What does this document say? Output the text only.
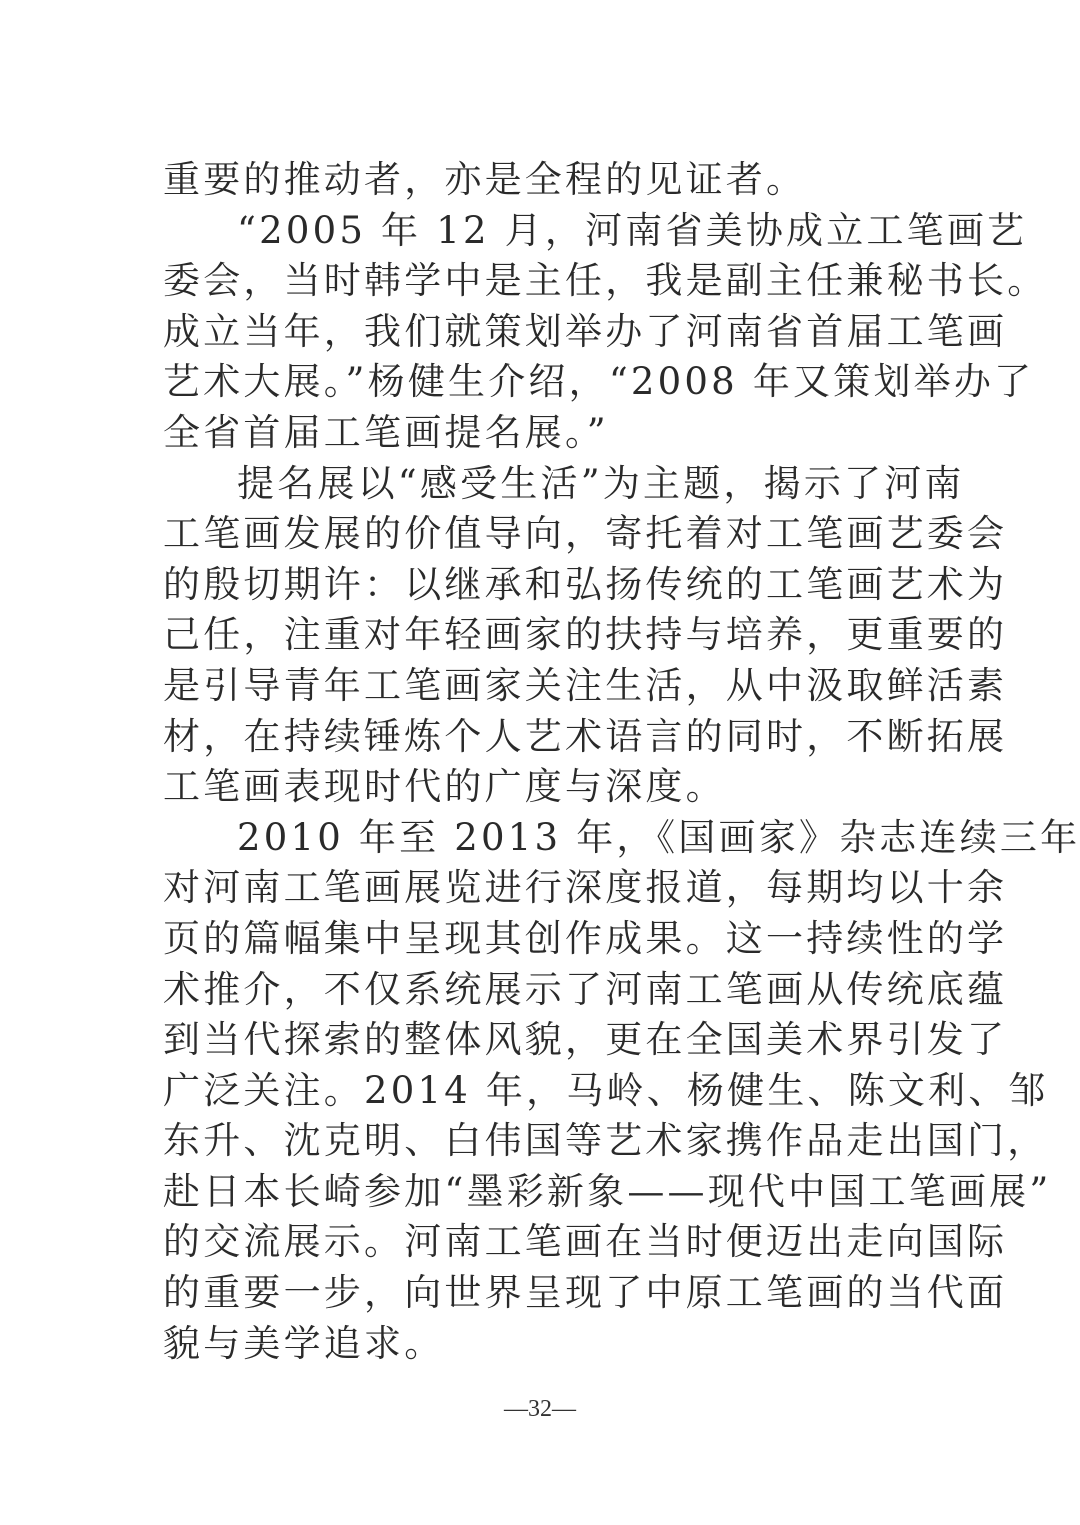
重要的推动者，亦是全程的见证者。
“2005 年 12 月，河南省美协成立工笔画艺
委会，当时韩学中是主任，我是副主任兼秘书长。
成立当年，我们就策划举办了河南省首届工笔画
艺术大展。”杨健生介绍，“2008 年又策划举办了
全省首届工笔画提名展。”
提名展以“感受生活”为主题，揭示了河南
工笔画发展的价值导向，寄托着对工笔画艺委会
的殷切期许：以继承和弘扬传统的工笔画艺术为
己任，注重对年轻画家的扶持与培养，更重要的
是引导青年工笔画家关注生活，从中汲取鲜活素
材，在持续锤炼个人艺术语言的同时，不断拓展
工笔画表现时代的广度与深度。
2010 年至 2013 年，《国画家》杂志连续三年
对河南工笔画展览进行深度报道，每期均以十余
页的篇幅集中呈现其创作成果。这一持续性的学
术推介，不仅系统展示了河南工笔画从传统底蕴
到当代探索的整体风貌，更在全国美术界引发了
广泛关注。2014 年，马岭、杨健生、陈文利、邹
东升、沈克明、白伟国等艺术家携作品走出国门，
赴日本长崎参加“墨彩新象——现代中国工笔画展”
的交流展示。河南工笔画在当时便迈出走向国际
的重要一步，向世界呈现了中原工笔画的当代面
貌与美学追求。
—32—
